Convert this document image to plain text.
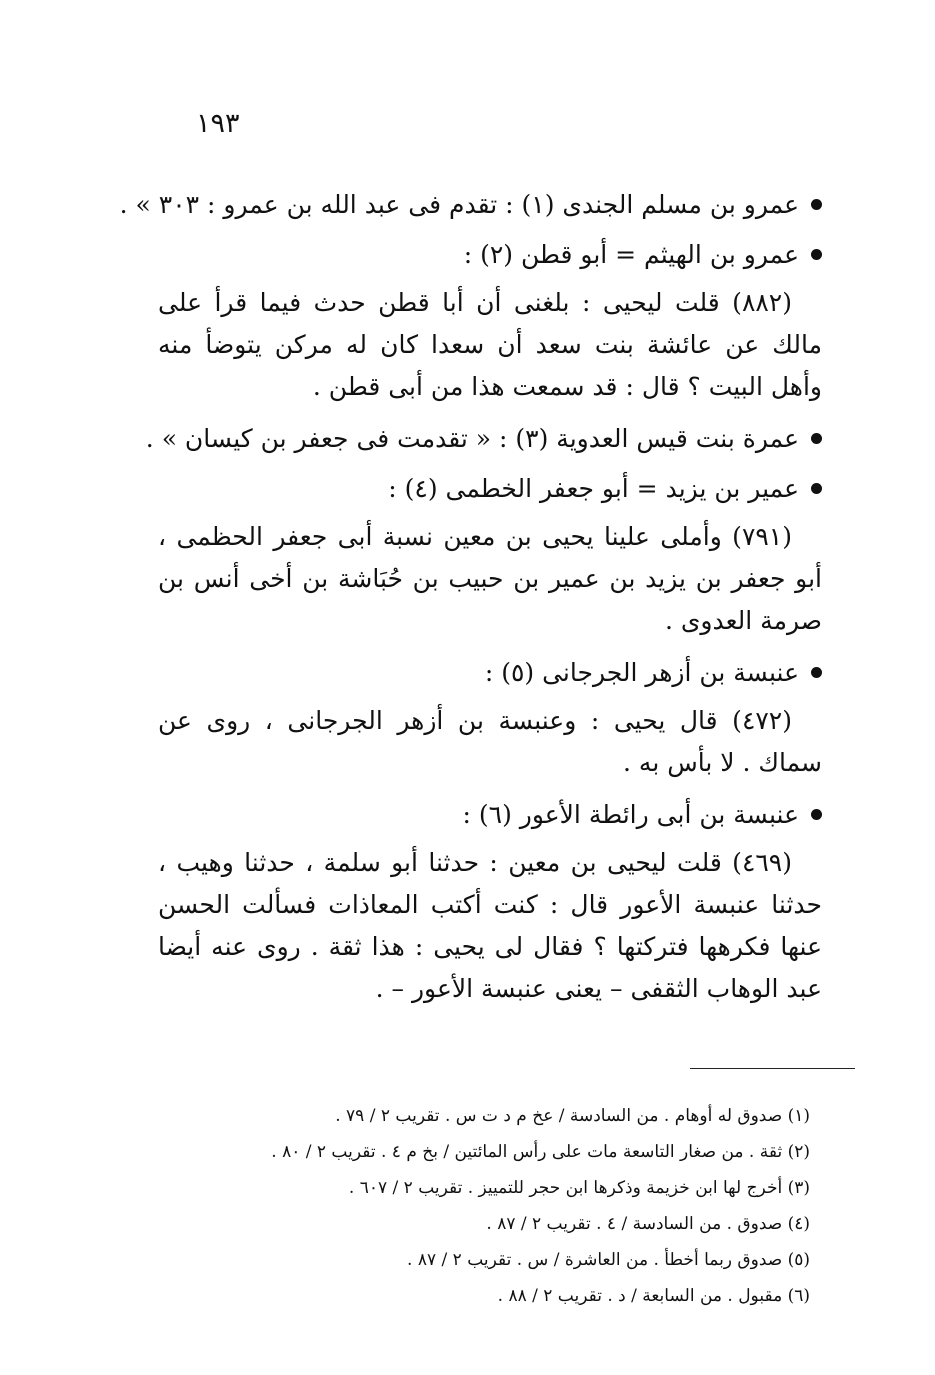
١٩٣
عمرو بن مسلم الجندى (١) : تقدم فى عبد الله بن عمرو : ٣٠٣ » .
عمرو بن الهيثم = أبو قطن (٢) :

(٨٨٢) قلت ليحيى : بلغنى أن أبا قطن حدث فيما قرأ على مالك عن عائشة بنت سعد أن سعدا كان له مركن يتوضأ منه وأهل البيت ؟ قال : قد سمعت هذا من أبى قطن .

عمرة بنت قيس العدوية (٣) : « تقدمت فى جعفر بن كيسان » .
عمير بن يزيد = أبو جعفر الخطمى (٤) :

(٧٩١) وأملى علينا يحيى بن معين نسبة أبى جعفر الحظمى ، أبو جعفر بن يزيد بن عمير بن حبيب بن حُبَاشة بن أخى أنس بن صرمة العدوى .

عنبسة بن أزهر الجرجانى (٥) :

(٤٧٢) قال يحيى : وعنبسة بن أزهر الجرجانى ، روى عن سماك . لا بأس به .

عنبسة بن أبى رائطة الأعور (٦) :

(٤٦٩) قلت ليحيى بن معين : حدثنا أبو سلمة ، حدثنا وهيب ، حدثنا عنبسة الأعور قال : كنت أكتب المعاذات فسألت الحسن عنها فكرهها فتركتها ؟ فقال لى يحيى : هذا ثقة . روى عنه أيضا عبد الوهاب الثقفى – يعنى عنبسة الأعور – .

(١) صدوق له أوهام . من السادسة / عخ م د ت س . تقريب ٢ / ٧٩ .
(٢) ثقة . من صغار التاسعة مات على رأس المائتين / بخ م ٤ . تقريب ٢ / ٨٠ .
(٣) أخرج لها ابن خزيمة وذكرها ابن حجر للتمييز . تقريب ٢ / ٦٠٧ .
(٤) صدوق . من السادسة / ٤ . تقريب ٢ / ٨٧ .
(٥) صدوق ربما أخطأ . من العاشرة / س . تقريب ٢ / ٨٧ .
(٦) مقبول . من السابعة / د . تقريب ٢ / ٨٨ .
